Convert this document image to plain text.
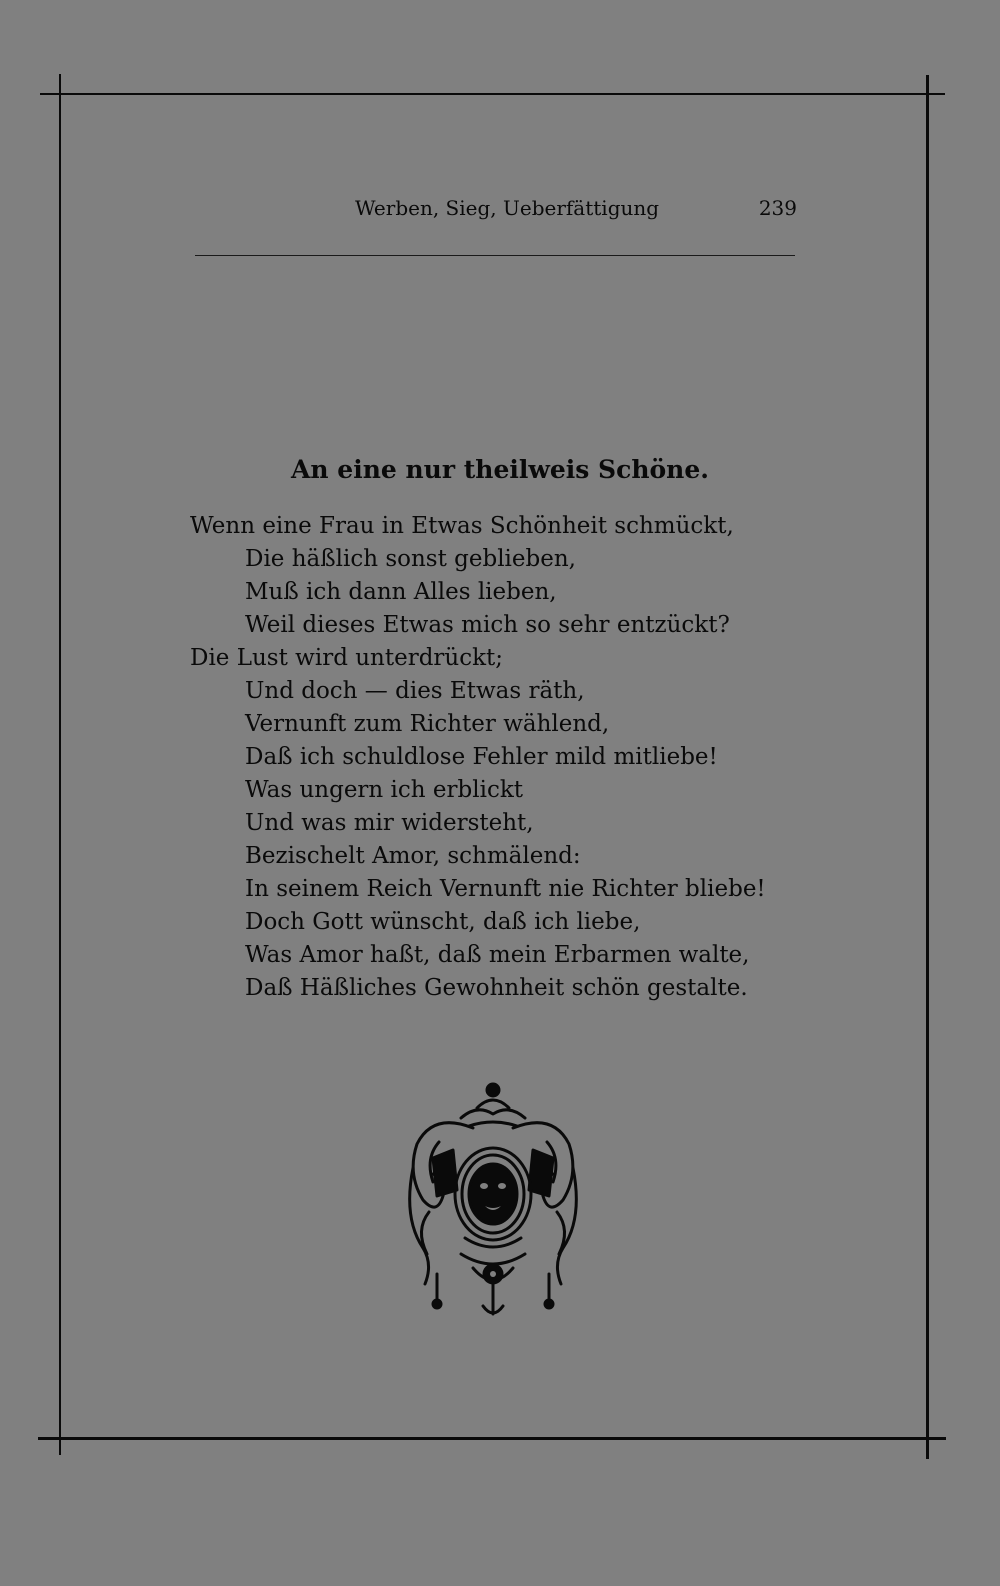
Werben, Sieg, Ueberfättigung	239
An eine nur theilweis Schöne.
Wenn eine Frau in Etwas Schönheit schmückt,
Die häßlich sonst geblieben,
Muß ich dann Alles lieben,
Weil dieses Etwas mich so sehr entzückt?
Die Lust wird unterdrückt;
Und doch — dies Etwas räth,
Vernunft zum Richter wählend,
Daß ich schuldlose Fehler mild mitliebe!
Was ungern ich erblickt
Und was mir widersteht,
Bezischelt Amor, schmälend:
In seinem Reich Vernunft nie Richter bliebe!
Doch Gott wünscht, daß ich liebe,
Was Amor haßt, daß mein Erbarmen walte,
Daß Häßliches Gewohnheit schön gestalte.
